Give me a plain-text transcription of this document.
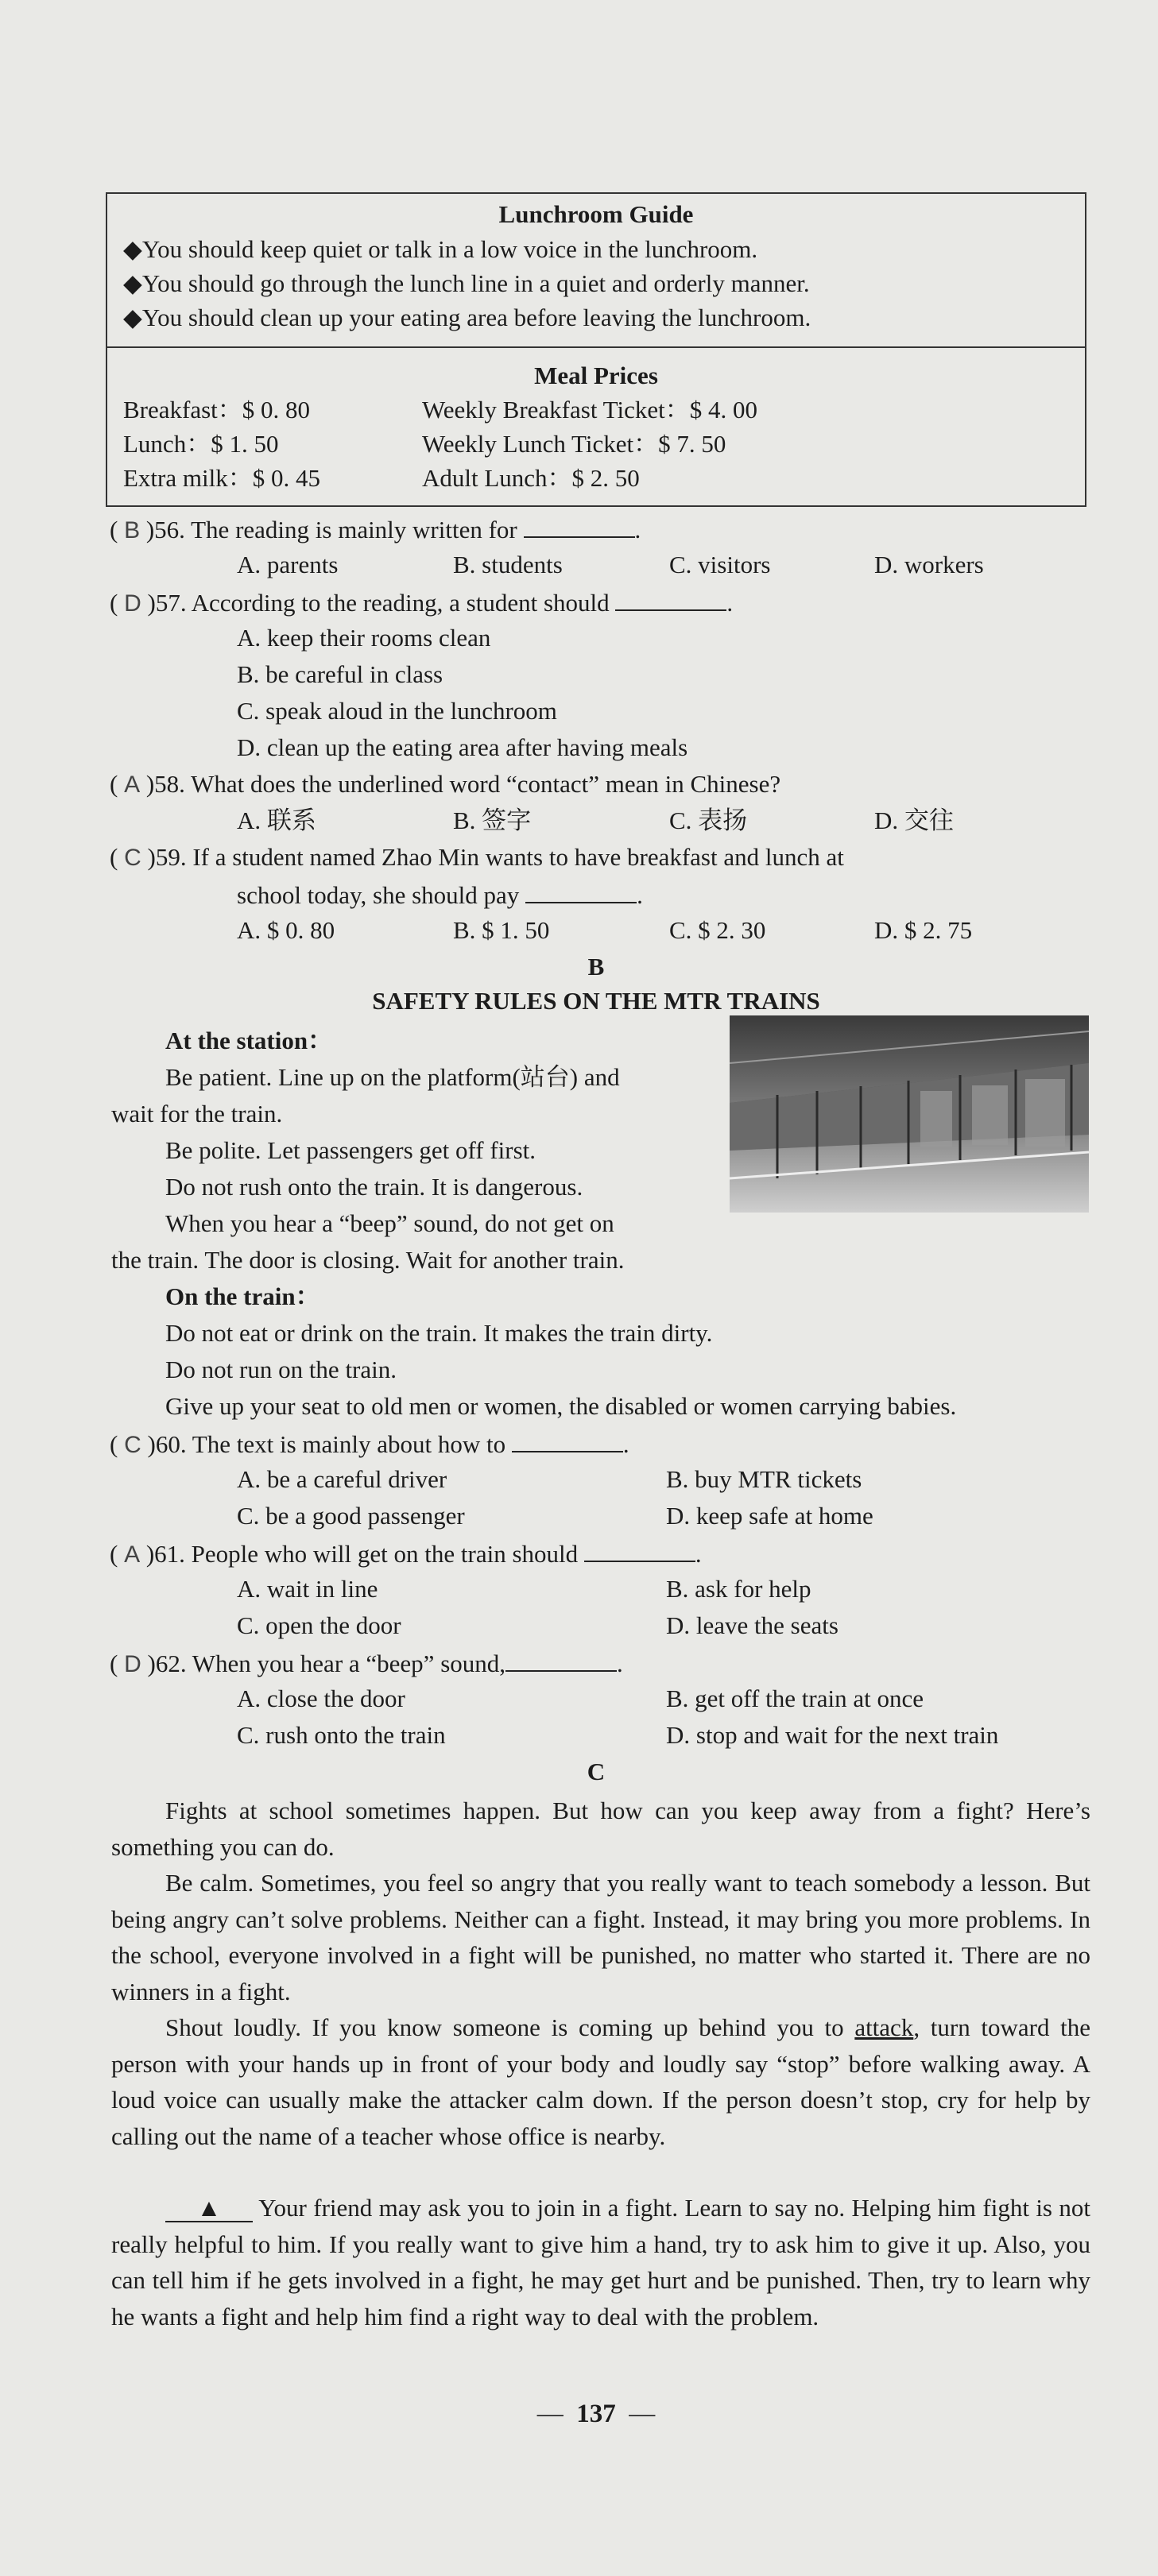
Lunchroom Guide
◆You should keep quiet or talk in a low voice in the lunchroom.
◆You should go through the lunch line in a quiet and orderly manner.
◆You should clean up your eating area before leaving the lunchroom.
Meal Prices
Breakfast：$ 0. 80	Weekly Breakfast Ticket：$ 4. 00
Lunch：$ 1. 50	Weekly Lunch Ticket：$ 7. 50
Extra milk：$ 0. 45	Adult Lunch：$ 2. 50
( B )56. The reading is mainly written for	.
A. parents	B. students	C. visitors	D. workers
( D )57. According to the reading, a student should	.
A. keep their rooms clean
B. be careful in class
C. speak aloud in the lunchroom
D. clean up the eating area after having meals
( A )58. What does the underlined word “contact” mean in Chinese?
A. 联系	B. 签字	C. 表扬	D. 交往
( C )59. If a student named Zhao Min wants to have breakfast and lunch at
school today, she should pay	.
A. $ 0. 80	B. $ 1. 50	C. $ 2. 30	D. $ 2. 75
B
SAFETY RULES ON THE MTR TRAINS
At the station：
Be patient. Line up on the platform(站台) and
wait for the train.
Be polite. Let passengers get off first.
Do not rush onto the train. It is dangerous.
When you hear a “beep” sound, do not get on
the train. The door is closing. Wait for another train.
On the train：
Do not eat or drink on the train. It makes the train dirty.
Do not run on the train.
Give up your seat to old men or women, the disabled or women carrying babies.
( C )60. The text is mainly about how to	.
A. be a careful driver	B. buy MTR tickets
C. be a good passenger	D. keep safe at home
( A )61. People who will get on the train should	.
A. wait in line	B. ask for help
C. open the door	D. leave the seats
( D )62. When you hear a “beep” sound,	.
A. close the door	B. get off the train at once
C. rush onto the train	D. stop and wait for the next train
C
Fights at school sometimes happen. But how can you keep away from a fight? Here’s something you can do.
Be calm. Sometimes, you feel so angry that you really want to teach somebody a lesson. But being angry can’t solve problems. Neither can a fight. Instead, it may bring you more problems. In the school, everyone involved in a fight will be punished, no matter who started it. There are no winners in a fight.
Shout loudly. If you know someone is coming up behind you to attack, turn toward the person with your hands up in front of your body and loudly say “stop” before walking away. A loud voice can usually make the attacker calm down. If the person doesn’t stop, cry for help by calling out the name of a teacher whose office is nearby.
▲ Your friend may ask you to join in a fight. Learn to say no. Helping him fight is not really helpful to him. If you really want to give him a hand, try to ask him to give it up. Also, you can tell him if he gets involved in a fight, he may get hurt and be punished. Then, try to learn why he wants a fight and help him find a right way to deal with the problem.
— 137 —
